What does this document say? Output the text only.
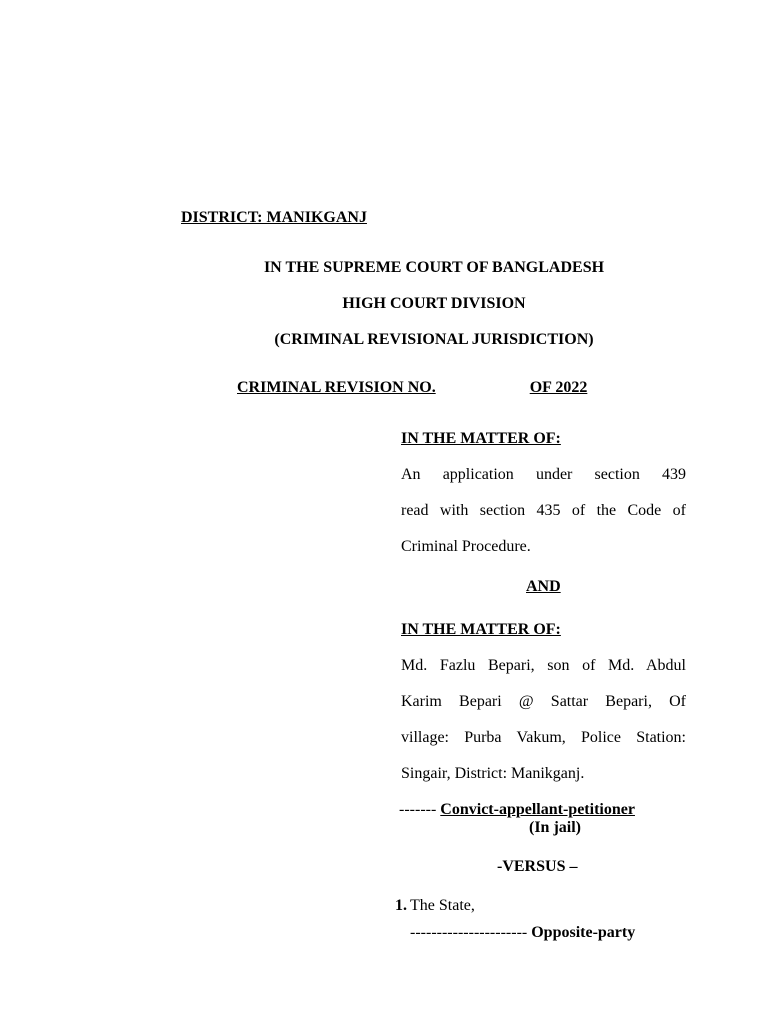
DISTRICT: MANIKGANJ
IN THE SUPREME COURT OF BANGLADESH
HIGH COURT DIVISION
(CRIMINAL REVISIONAL JURISDICTION)
CRIMINAL REVISION NO.	OF 2022
IN THE MATTER OF:
An application under section 439
read with section 435 of the Code of
Criminal Procedure.
AND
IN THE MATTER OF:
Md. Fazlu Bepari, son of Md. Abdul
Karim Bepari @ Sattar Bepari, Of
village: Purba Vakum, Police Station:
Singair, District: Manikganj.
------- Convict-appellant-petitioner
(In jail)
-VERSUS –
1. The State,
---------------------- Opposite-party
